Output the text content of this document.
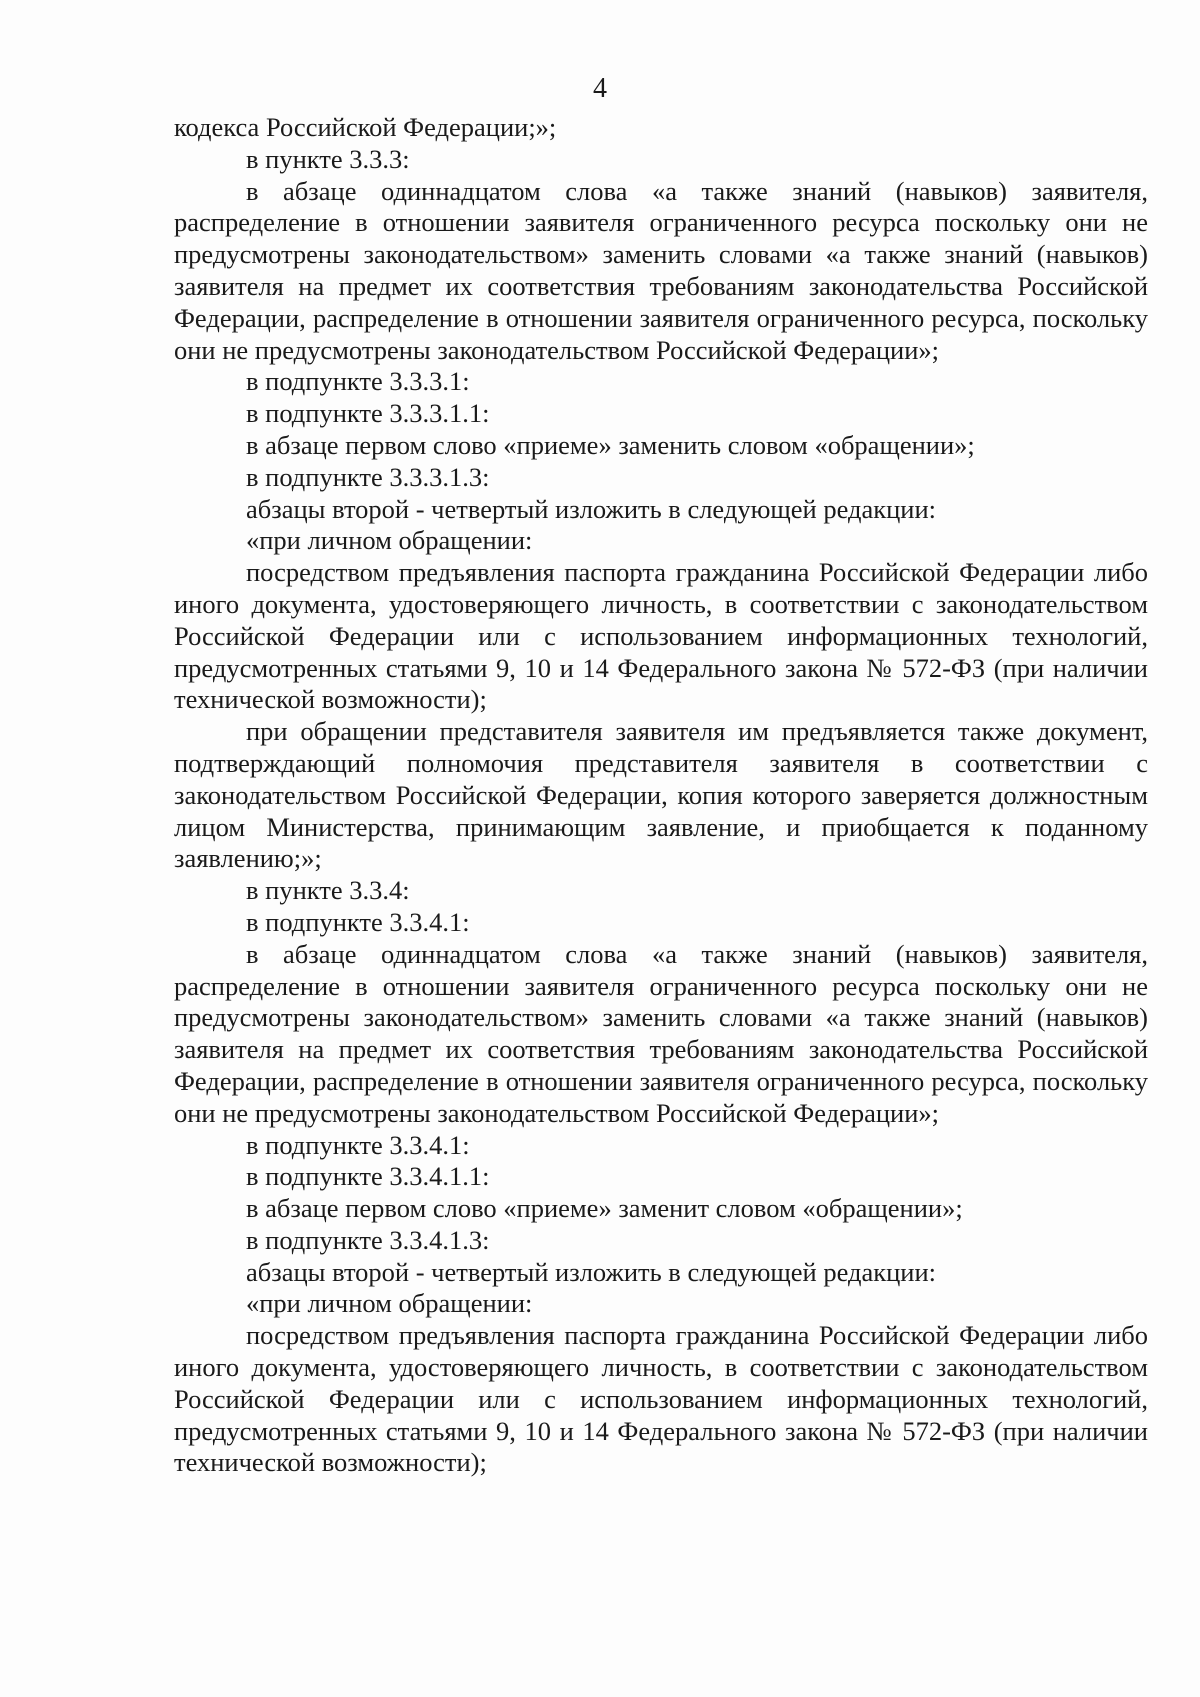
4

кодекса Российской Федерации;»;

в пункте 3.3.3:

в абзаце одиннадцатом слова «а также знаний (навыков) заявителя, распределение в отношении заявителя ограниченного ресурса поскольку они не предусмотрены законодательством» заменить словами «а также знаний (навыков) заявителя на предмет их соответствия требованиям законодательства Российской Федерации, распределение в отношении заявителя ограниченного ресурса, поскольку они не предусмотрены законодательством Российской Федерации»;

в подпункте 3.3.3.1:

в подпункте 3.3.3.1.1:

в абзаце первом слово «приеме» заменить словом «обращении»;

в подпункте 3.3.3.1.3:

абзацы второй - четвертый изложить в следующей редакции:

«при личном обращении:

посредством предъявления паспорта гражданина Российской Федерации либо иного документа, удостоверяющего личность, в соответствии с законодательством Российской Федерации или с использованием информационных технологий, предусмотренных статьями 9, 10 и 14 Федерального закона № 572-ФЗ (при наличии технической возможности);

при обращении представителя заявителя им предъявляется также документ, подтверждающий полномочия представителя заявителя в соответствии с законодательством Российской Федерации, копия которого заверяется должностным лицом Министерства, принимающим заявление, и приобщается к поданному заявлению;»;

в пункте 3.3.4:

в подпункте 3.3.4.1:

в абзаце одиннадцатом слова «а также знаний (навыков) заявителя, распределение в отношении заявителя ограниченного ресурса поскольку они не предусмотрены законодательством» заменить словами «а также знаний (навыков) заявителя на предмет их соответствия требованиям законодательства Российской Федерации, распределение в отношении заявителя ограниченного ресурса, поскольку они не предусмотрены законодательством Российской Федерации»;

в подпункте 3.3.4.1:

в подпункте 3.3.4.1.1:

в абзаце первом слово «приеме» заменит словом «обращении»;

в подпункте 3.3.4.1.3:

абзацы второй - четвертый изложить в следующей редакции:

«при личном обращении:

посредством предъявления паспорта гражданина Российской Федерации либо иного документа, удостоверяющего личность, в соответствии с законодательством Российской Федерации или с использованием информационных технологий, предусмотренных статьями 9, 10 и 14 Федерального закона № 572-ФЗ (при наличии технической возможности);
